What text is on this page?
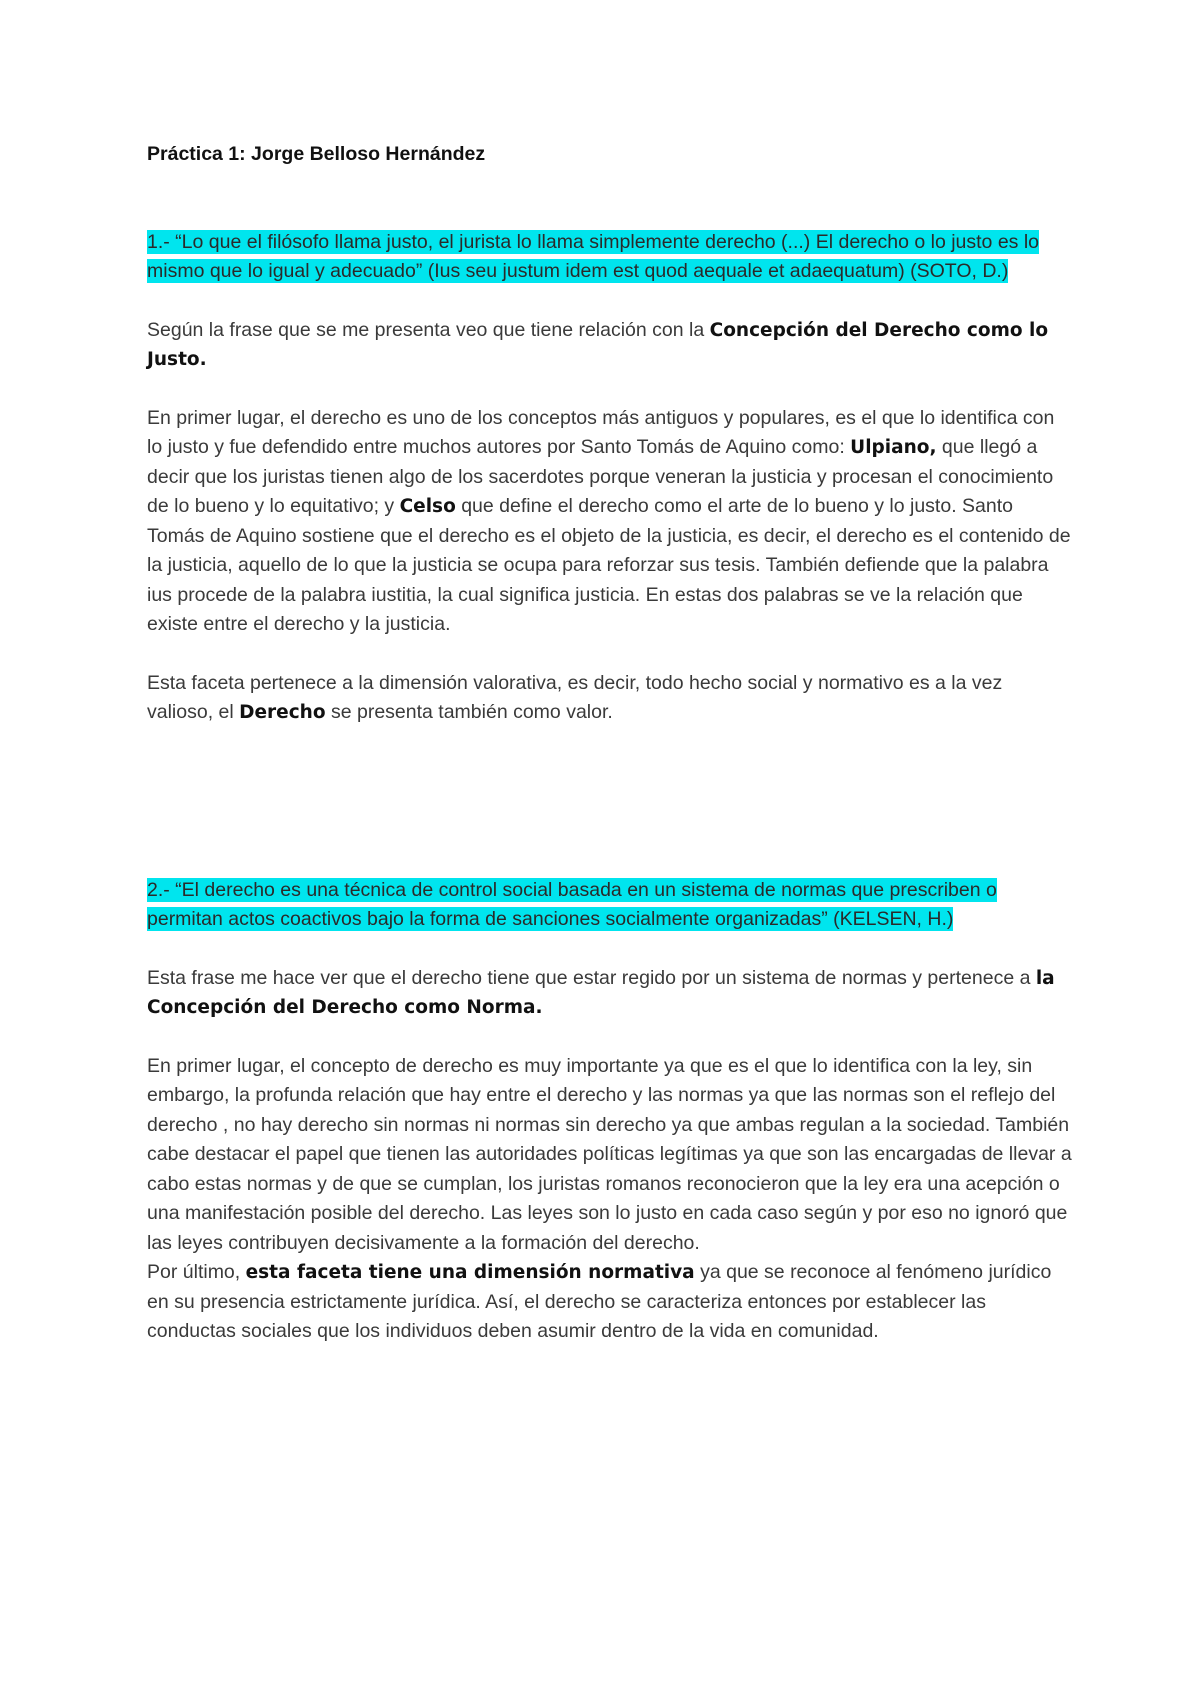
Práctica 1: Jorge Belloso Hernández

1.- “Lo que el filósofo llama justo, el jurista lo llama simplemente derecho (...) El derecho o lo justo es lo mismo que lo igual y adecuado” (Ius seu justum idem est quod aequale et adaequatum) (SOTO, D.)

Según la frase que se me presenta veo que tiene relación con la Concepción del Derecho como lo Justo.

En primer lugar, el derecho es uno de los conceptos más antiguos y populares, es el que lo identifica con lo justo y fue defendido entre muchos autores por Santo Tomás de Aquino como: Ulpiano, que llegó a decir que los juristas tienen algo de los sacerdotes porque veneran la justicia y procesan el conocimiento de lo bueno y lo equitativo; y Celso que define el derecho como el arte de lo bueno y lo justo. Santo Tomás de Aquino sostiene que el derecho es el objeto de la justicia, es decir, el derecho es el contenido de la justicia, aquello de lo que la justicia se ocupa para reforzar sus tesis. También defiende que la palabra ius procede de la palabra iustitia, la cual significa justicia. En estas dos palabras se ve la relación que existe entre el derecho y la justicia.

Esta faceta pertenece a la dimensión valorativa, es decir, todo hecho social y normativo es a la vez valioso, el Derecho se presenta también como valor.

2.- “El derecho es una técnica de control social basada en un sistema de normas que prescriben o permitan actos coactivos bajo la forma de sanciones socialmente organizadas” (KELSEN, H.)

Esta frase me hace ver que el derecho tiene que estar regido por un sistema de normas y pertenece a la Concepción del Derecho como Norma.

En primer lugar, el concepto de derecho es muy importante ya que es el que lo identifica con la ley, sin embargo, la profunda relación que hay entre el derecho y las normas ya que las normas son el reflejo del derecho , no hay derecho sin normas ni normas sin derecho ya que ambas regulan a la sociedad. También cabe destacar el papel que tienen las autoridades políticas legítimas ya que son las encargadas de llevar a cabo estas normas y de que se cumplan, los juristas romanos reconocieron que la ley era una acepción o una manifestación posible del derecho. Las leyes son lo justo en cada caso según y por eso no ignoró que las leyes contribuyen decisivamente a la formación del derecho.

Por último, esta faceta tiene una dimensión normativa ya que se reconoce al fenómeno jurídico en su presencia estrictamente jurídica. Así, el derecho se caracteriza entonces por establecer las conductas sociales que los individuos deben asumir dentro de la vida en comunidad.
